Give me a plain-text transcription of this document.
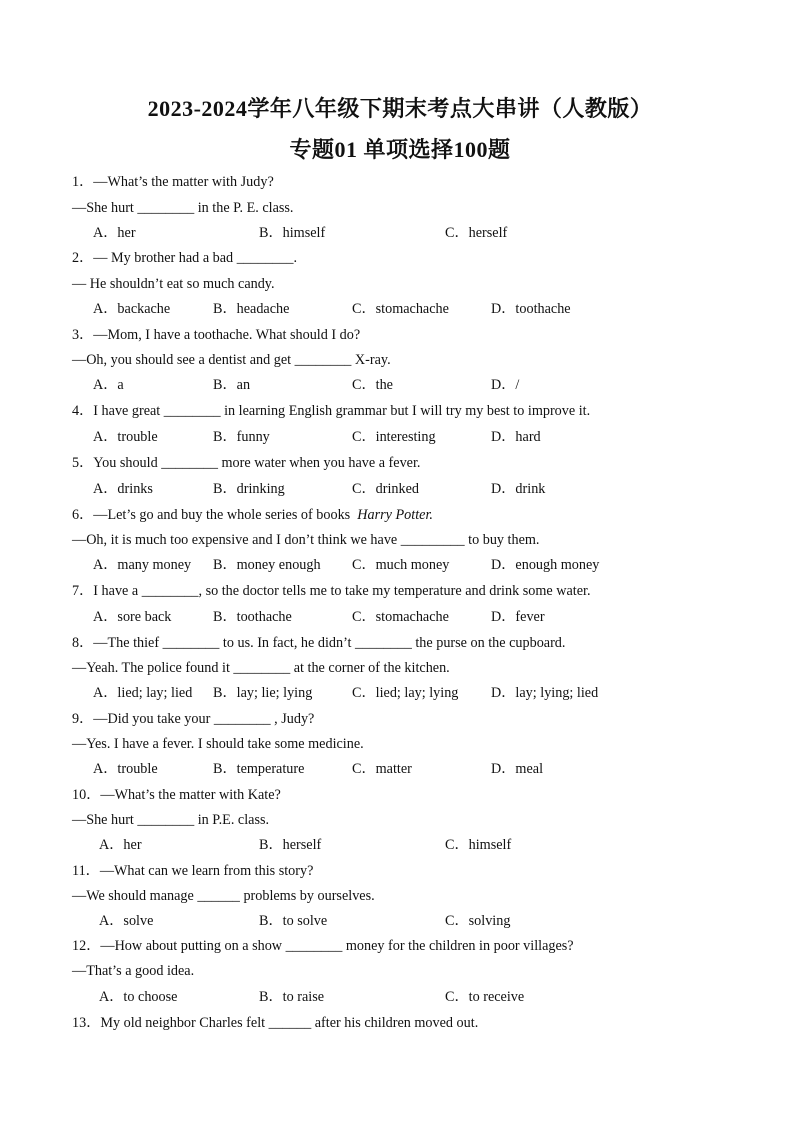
2023-2024学年八年级下期末考点大串讲（人教版）
专题01 单项选择100题
1．—What’s the matter with Judy?
—She hurt ________ in the P. E. class.
A．her	B．himself	C．herself
2．— My brother had a bad ________.
— He shouldn’t eat so much candy.
A．backache	B．headache	C．stomachache	D．toothache
3．—Mom, I have a toothache. What should I do?
—Oh, you should see a dentist and get ________ X-ray.
A．a	B．an	C．the	D．/
4．I have great ________ in learning English grammar but I will try my best to improve it.
A．trouble	B．funny	C．interesting	D．hard
5．You should ________ more water when you have a fever.
A．drinks	B．drinking	C．drinked	D．drink
6．—Let’s go and buy the whole series of books Harry Potter.
—Oh, it is much too expensive and I don’t think we have _________ to buy them.
A．many money B．money enough C．much money	D．enough money
7．I have a ________, so the doctor tells me to take my temperature and drink some water.
A．sore back	B．toothache	C．stomachache	D．fever
8．—The thief ________ to us. In fact, he didn’t ________ the purse on the cupboard.
—Yeah. The police found it ________ at the corner of the kitchen.
A．lied; lay; lied B．lay; lie; lying	C．lied; lay; lying D．lay; lying; lied
9．—Did you take your ________ , Judy?
—Yes. I have a fever. I should take some medicine.
A．trouble	B．temperature	C．matter	D．meal
10．—What’s the matter with Kate?
—She hurt ________ in P.E. class.
A．her	B．herself	C．himself
11．—What can we learn from this story?
—We should manage ______ problems by ourselves.
A．solve	B．to solve	C．solving
12．—How about putting on a show ________ money for the children in poor villages?
—That’s a good idea.
A．to choose	B．to raise	C．to receive
13．My old neighbor Charles felt ______ after his children moved out.
